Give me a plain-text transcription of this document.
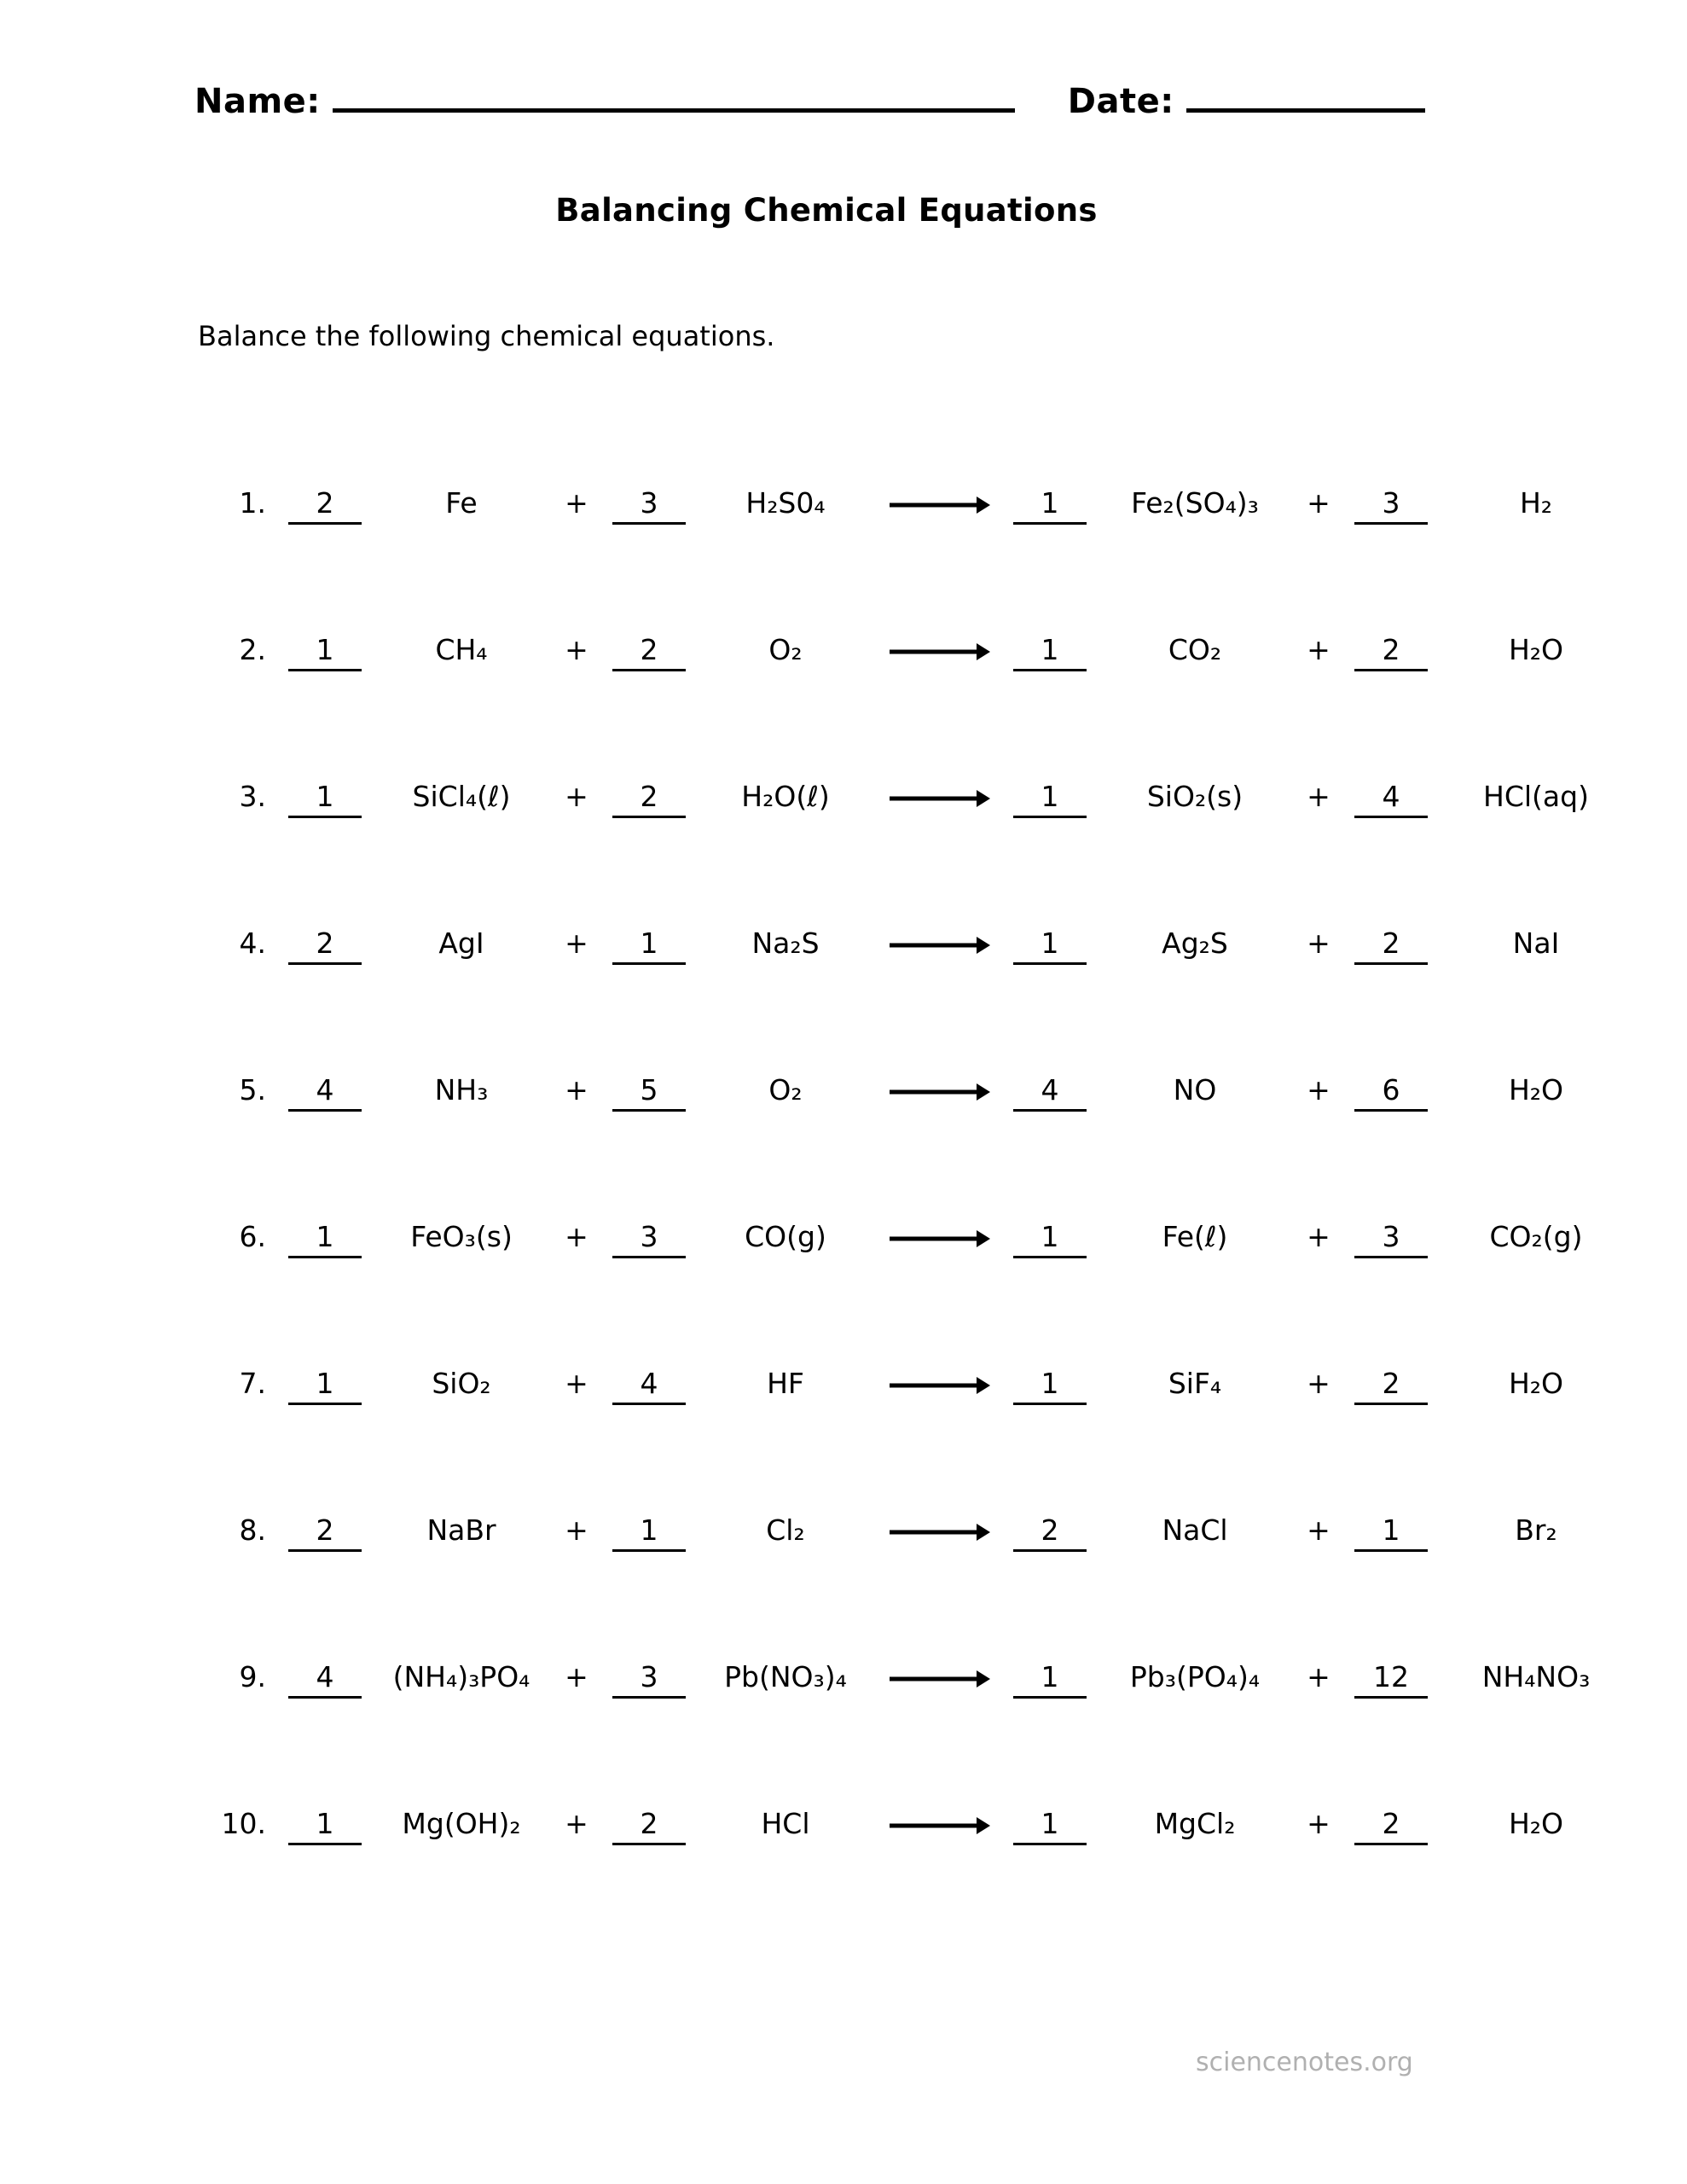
Name:	Date:
Balancing Chemical Equations
Balance the following chemical equations.
1.	2	Fe	+	3	H₂S0₄	1	Fe₂(SO₄)₃	+	3	H₂
2.	1	CH₄	+	2	O₂	1	CO₂	+	2	H₂O
3.	1	SiCl₄(ℓ)	+	2	H₂O(ℓ)	1	SiO₂(s)	+	4	HCl(aq)
4.	2	AgI	+	1	Na₂S	1	Ag₂S	+	2	NaI
5.	4	NH₃	+	5	O₂	4	NO	+	6	H₂O
6.	1	FeO₃(s)	+	3	CO(g)	1	Fe(ℓ)	+	3	CO₂(g)
7.	1	SiO₂	+	4	HF	1	SiF₄	+	2	H₂O
8.	2	NaBr	+	1	Cl₂	2	NaCl	+	1	Br₂
9.	4	(NH₄)₃PO₄	+	3	Pb(NO₃)₄	1	Pb₃(PO₄)₄	+	12	NH₄NO₃
10.	1	Mg(OH)₂	+	2	HCl	1	MgCl₂	+	2	H₂O
sciencenotes.org
